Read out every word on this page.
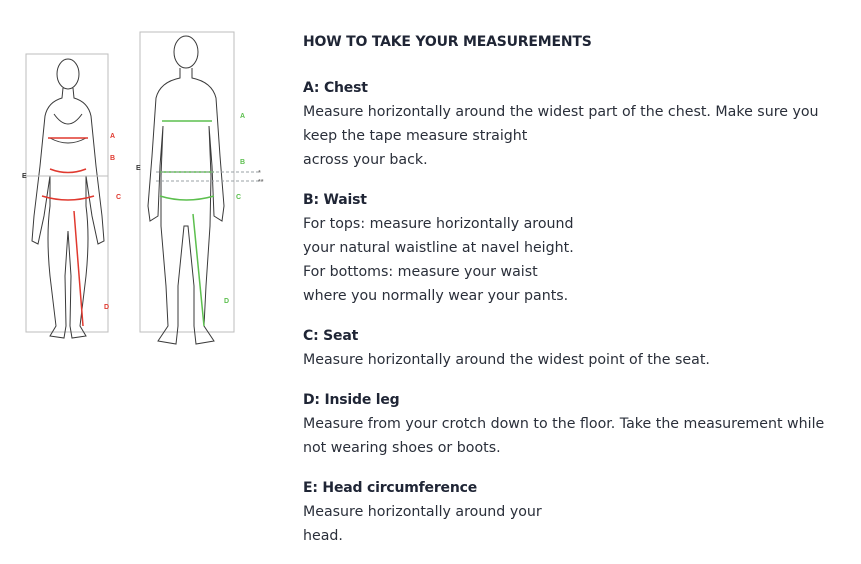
A
B
C
D
E
A
B
C
D
E
*
**
HOW TO TAKE YOUR MEASUREMENTS
A: Chest
Measure horizontally around the widest part of the chest. Make sure you
keep the tape measure straight
across your back.
B: Waist
For tops: measure horizontally around
your natural waistline at navel height.
For bottoms: measure your waist
where you normally wear your pants.
C: Seat
Measure horizontally around the widest point of the seat.
D: Inside leg
Measure from your crotch down to the floor. Take the measurement while
not wearing shoes or boots.
E: Head circumference
Measure horizontally around your
head.
